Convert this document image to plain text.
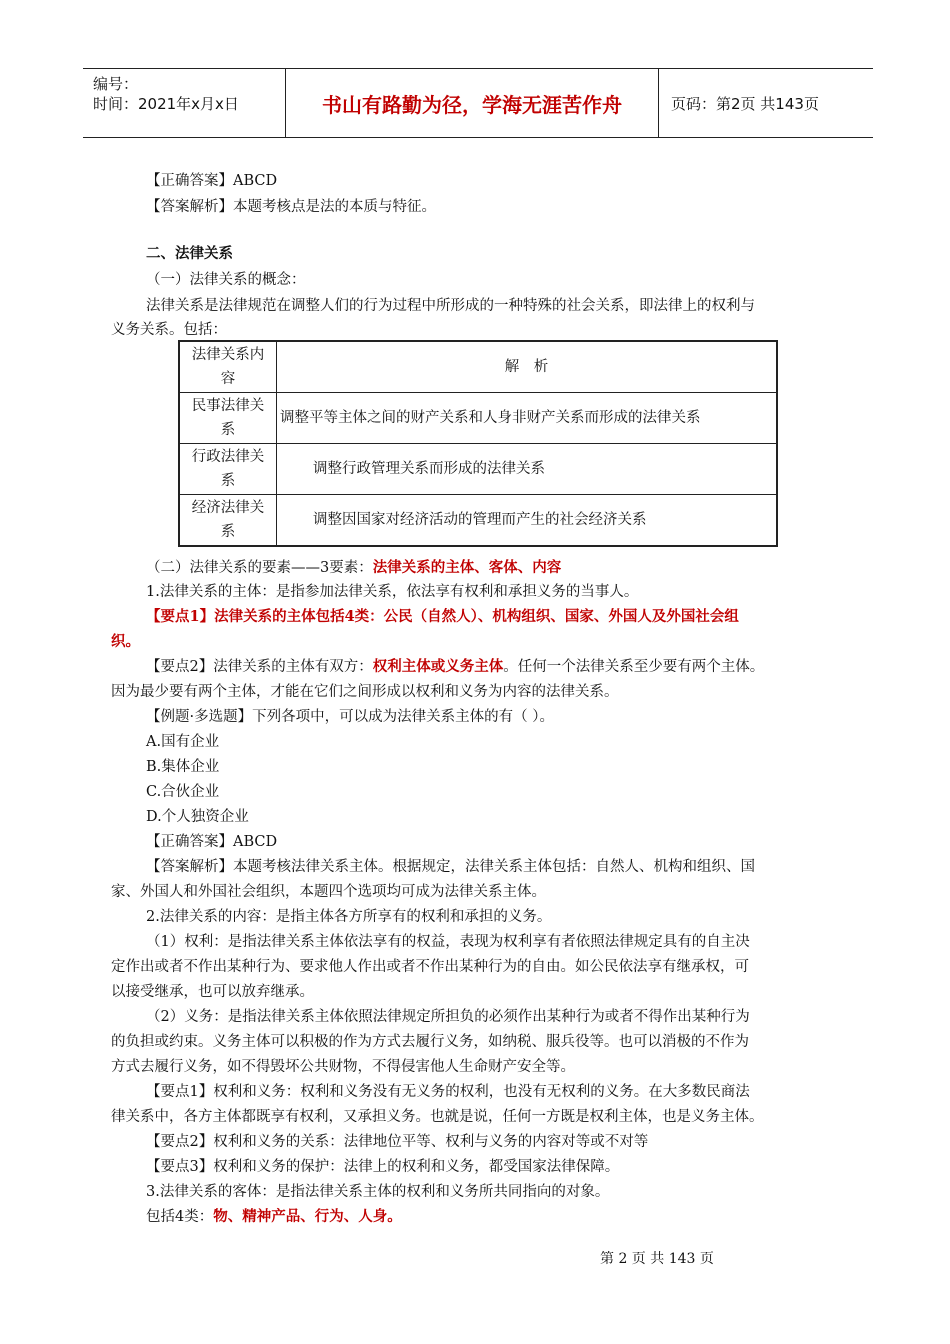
编号：
时间：2021年x月x日	书山有路勤为径，学海无涯苦作舟	页码：第2页 共143页
【正确答案】ABCD
【答案解析】本题考核点是法的本质与特征。
二、法律关系
（一）法律关系的概念：
法律关系是法律规范在调整人们的行为过程中所形成的一种特殊的社会关系，即法律上的权利与
义务关系。包括：
法律关系内
容	解　析
民事法律关
系	调整平等主体之间的财产关系和人身非财产关系而形成的法律关系
行政法律关
系	调整行政管理关系而形成的法律关系
经济法律关
系	调整因国家对经济活动的管理而产生的社会经济关系
（二）法律关系的要素——3要素：法律关系的主体、客体、内容
1.法律关系的主体：是指参加法律关系，依法享有权利和承担义务的当事人。
【要点1】法律关系的主体包括4类：公民（自然人）、机构组织、国家、外国人及外国社会组
织。
【要点2】法律关系的主体有双方：权利主体或义务主体。任何一个法律关系至少要有两个主体。
因为最少要有两个主体，才能在它们之间形成以权利和义务为内容的法律关系。
【例题·多选题】下列各项中，可以成为法律关系主体的有（ ）。
A.国有企业
B.集体企业
C.合伙企业
D.个人独资企业
【正确答案】ABCD
【答案解析】本题考核法律关系主体。根据规定，法律关系主体包括：自然人、机构和组织、国
家、外国人和外国社会组织，本题四个选项均可成为法律关系主体。
2.法律关系的内容：是指主体各方所享有的权利和承担的义务。
（1）权利：是指法律关系主体依法享有的权益，表现为权利享有者依照法律规定具有的自主决
定作出或者不作出某种行为、要求他人作出或者不作出某种行为的自由。如公民依法享有继承权，可
以接受继承，也可以放弃继承。
（2）义务：是指法律关系主体依照法律规定所担负的必须作出某种行为或者不得作出某种行为
的负担或约束。义务主体可以积极的作为方式去履行义务，如纳税、服兵役等。也可以消极的不作为
方式去履行义务，如不得毁坏公共财物，不得侵害他人生命财产安全等。
【要点1】权利和义务：权利和义务没有无义务的权利，也没有无权利的义务。在大多数民商法
律关系中，各方主体都既享有权利，又承担义务。也就是说，任何一方既是权利主体，也是义务主体。
【要点2】权利和义务的关系：法律地位平等、权利与义务的内容对等或不对等
【要点3】权利和义务的保护：法律上的权利和义务，都受国家法律保障。
3.法律关系的客体：是指法律关系主体的权利和义务所共同指向的对象。
包括4类：物、精神产品、行为、人身。
第 2 页 共 143 页
